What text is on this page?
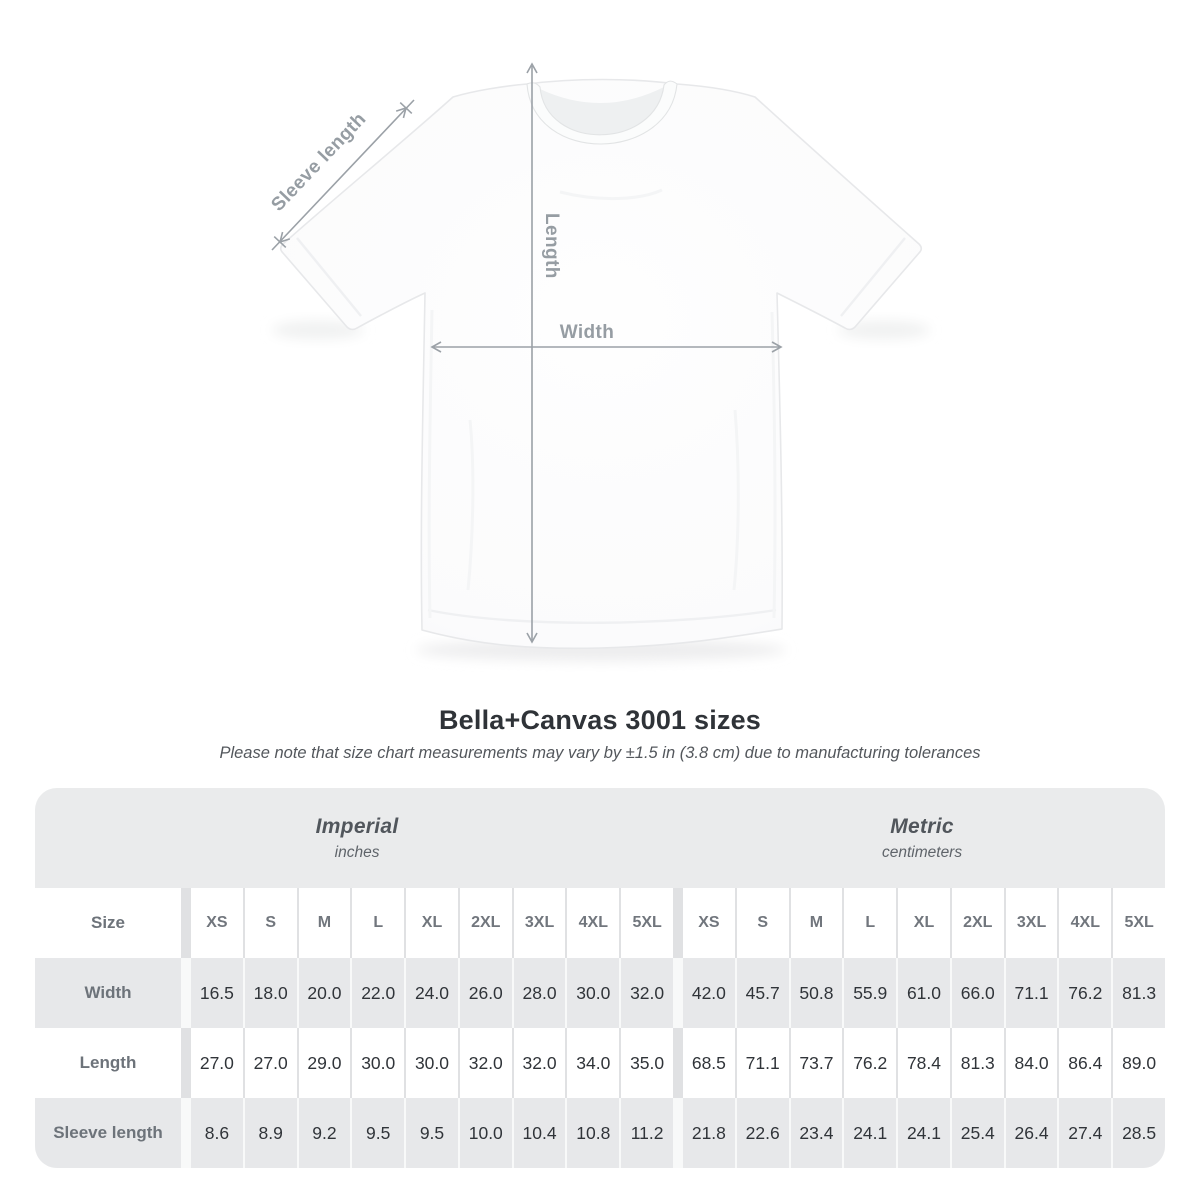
Sleeve length
Length
Width
Bella+Canvas 3001 sizes

Please note that size chart measurements may vary by ±1.5 in (3.8 cm) due to manufacturing tolerances

Imperial
inches
Metric
centimeters
Size	XS	S	M	L	XL	2XL	3XL	4XL	5XL	XS	S	M	L	XL	2XL	3XL	4XL	5XL
Width	16.5	18.0	20.0	22.0	24.0	26.0	28.0	30.0	32.0	42.0	45.7	50.8	55.9	61.0	66.0	71.1	76.2	81.3
Length	27.0	27.0	29.0	30.0	30.0	32.0	32.0	34.0	35.0	68.5	71.1	73.7	76.2	78.4	81.3	84.0	86.4	89.0
Sleeve length	8.6	8.9	9.2	9.5	9.5	10.0	10.4	10.8	11.2	21.8	22.6	23.4	24.1	24.1	25.4	26.4	27.4	28.5
